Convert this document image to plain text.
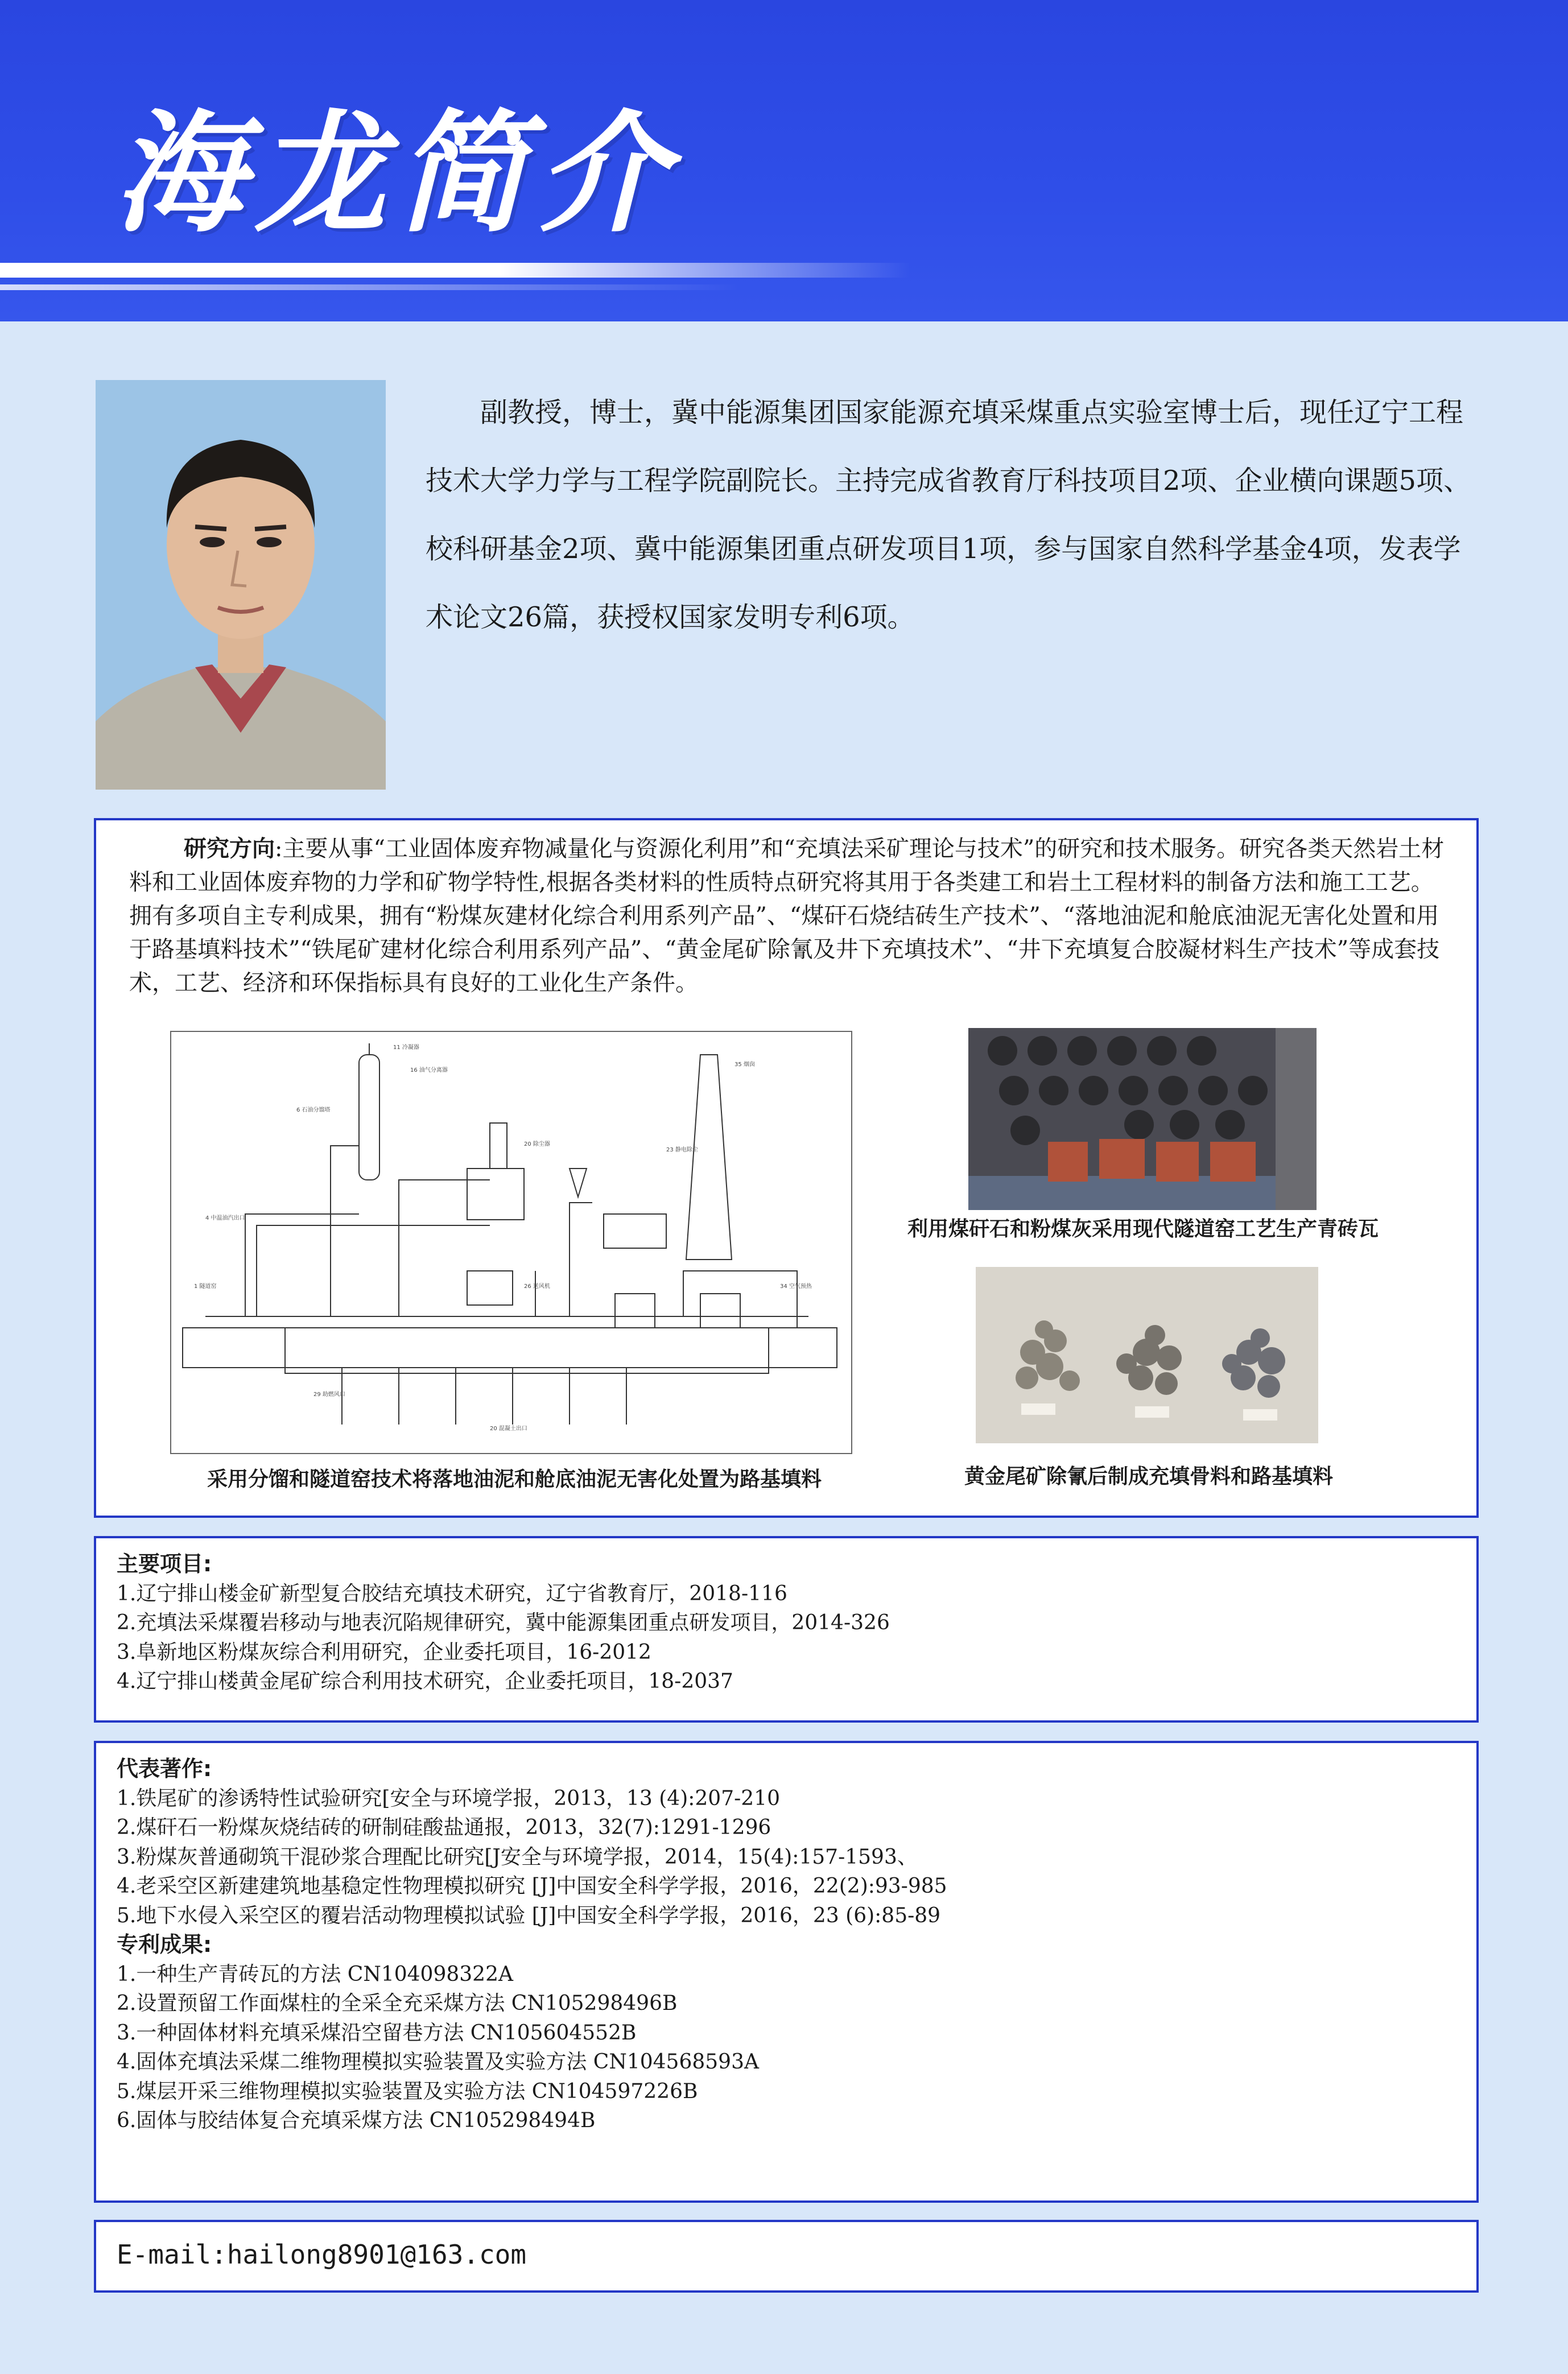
海龙简介
副教授，博士，冀中能源集团国家能源充填采煤重点实验室博士后，现任辽宁工程技术大学力学与工程学院副院长。主持完成省教育厅科技项目2项、企业横向课题5项、校科研基金2项、冀中能源集团重点研发项目1项，参与国家自然科学基金4项，发表学术论文26篇，获授权国家发明专利6项。
研究方向:主要从事“工业固体废弃物减量化与资源化利用”和“充填法采矿理论与技术”的研究和技术服务。研究各类天然岩土材料和工业固体废弃物的力学和矿物学特性,根据各类材料的性质特点研究将其用于各类建工和岩土工程材料的制备方法和施工工艺。拥有多项自主专利成果，拥有“粉煤灰建材化综合利用系列产品”、“煤矸石烧结砖生产技术”、“落地油泥和舱底油泥无害化处置和用于路基填料技术”“铁尾矿建材化综合利用系列产品”、“黄金尾矿除氰及井下充填技术”、“井下充填复合胶凝材料生产技术”等成套技术，工艺、经济和环保指标具有良好的工业化生产条件。
11 冷凝器
16 油气分离器
6 石油分馏塔
4 中温油汽出口
20 除尘器
23 静电除尘
35 烟囱
1 隧道窑	26 送风机	34 空气预热
29 助燃风口
20 混凝土出口
采用分馏和隧道窑技术将落地油泥和舱底油泥无害化处置为路基填料
利用煤矸石和粉煤灰采用现代隧道窑工艺生产青砖瓦
黄金尾矿除氰后制成充填骨料和路基填料
主要项目:
1.辽宁排山楼金矿新型复合胶结充填技术研究，辽宁省教育厅，2018-116
2.充填法采煤覆岩移动与地表沉陷规律研究，冀中能源集团重点研发项目，2014-326
3.阜新地区粉煤灰综合利用研究，企业委托项目，16-2012
4.辽宁排山楼黄金尾矿综合利用技术研究，企业委托项目，18-2037
代表著作:
1.铁尾矿的渗诱特性试验研究[安全与环境学报，2013，13 (4):207-210
2.煤矸石一粉煤灰烧结砖的研制硅酸盐通报，2013，32(7):1291-1296
3.粉煤灰普通砌筑干混砂浆合理配比研究[J安全与环境学报，2014，15(4):157-1593、
4.老采空区新建建筑地基稳定性物理模拟研究 [J]中国安全科学学报，2016，22(2):93-985
5.地下水侵入采空区的覆岩活动物理模拟试验 [J]中国安全科学学报，2016，23 (6):85-89
专利成果:
1.一种生产青砖瓦的方法 CN104098322A
2.设置预留工作面煤柱的全采全充采煤方法 CN105298496B
3.一种固体材料充填采煤沿空留巷方法 CN105604552B
4.固体充填法采煤二维物理模拟实验装置及实验方法 CN104568593A
5.煤层开采三维物理模拟实验装置及实验方法 CN104597226B
6.固体与胶结体复合充填采煤方法 CN105298494B
E-mail:hailong8901@163.com
